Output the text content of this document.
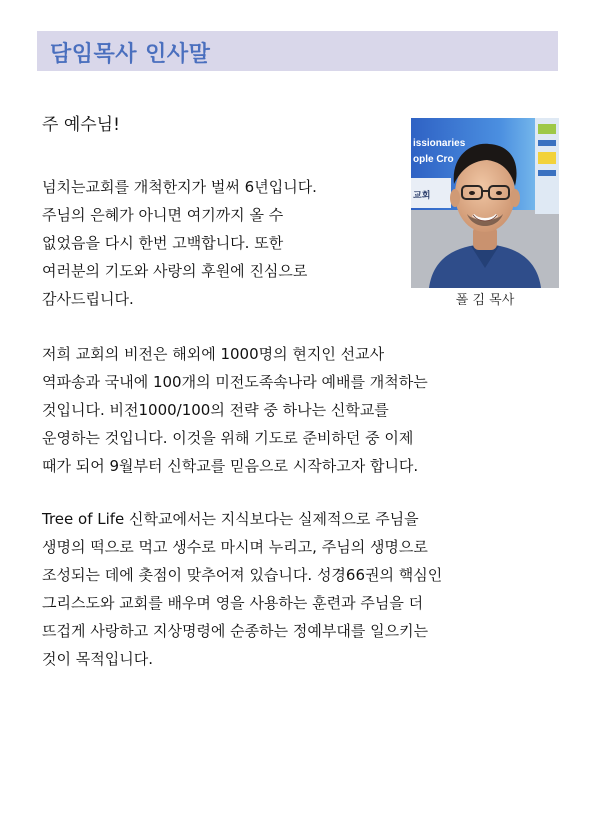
담임목사 인사말
주 예수님!
넘치는교회를 개척한지가 벌써 6년입니다.
주님의 은혜가 아니면 여기까지 올 수
없었음을 다시 한번 고백합니다. 또한
여러분의 기도와 사랑의 후원에 진심으로
감사드립니다.
저희 교회의 비전은 해외에 1000명의 현지인 선교사
역파송과 국내에 100개의 미전도족속나라 예배를 개척하는
것입니다. 비전1000/100의 전략 중 하나는 신학교를
운영하는 것입니다. 이것을 위해 기도로 준비하던 중 이제
때가 되어 9월부터 신학교를 믿음으로 시작하고자 합니다.
Tree of Life 신학교에서는 지식보다는 실제적으로 주님을
생명의 떡으로 먹고 생수로 마시며 누리고, 주님의 생명으로
조성되는 데에 촛점이 맞추어져 있습니다. 성경66권의 핵심인
그리스도와 교회를 배우며 영을 사용하는 훈련과 주님을 더
뜨겁게 사랑하고 지상명령에 순종하는 정예부대를 일으키는
것이 목적입니다.
issionaries
ople Cro
교회
폴 김 목사
